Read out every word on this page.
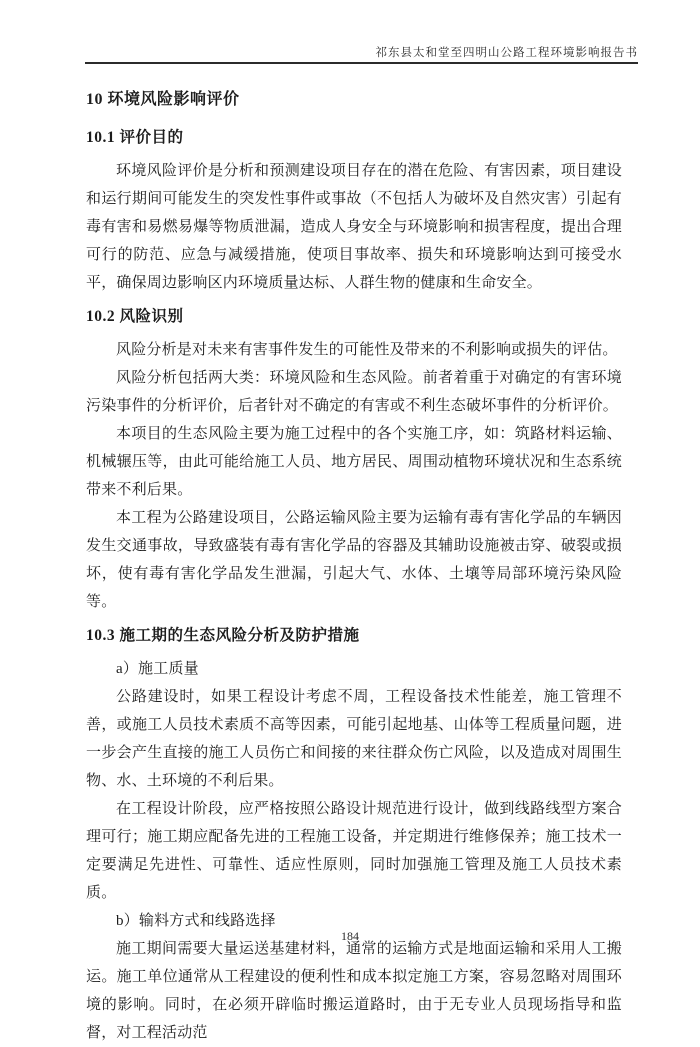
祁东县太和堂至四明山公路工程环境影响报告书
10 环境风险影响评价
10.1 评价目的

环境风险评价是分析和预测建设项目存在的潜在危险、有害因素，项目建设和运行期间可能发生的突发性事件或事故（不包括人为破坏及自然灾害）引起有毒有害和易燃易爆等物质泄漏，造成人身安全与环境影响和损害程度，提出合理可行的防范、应急与减缓措施，使项目事故率、损失和环境影响达到可接受水平，确保周边影响区内环境质量达标、人群生物的健康和生命安全。

10.2 风险识别

风险分析是对未来有害事件发生的可能性及带来的不利影响或损失的评估。

风险分析包括两大类：环境风险和生态风险。前者着重于对确定的有害环境污染事件的分析评价，后者针对不确定的有害或不利生态破坏事件的分析评价。

本项目的生态风险主要为施工过程中的各个实施工序，如：筑路材料运输、机械辗压等，由此可能给施工人员、地方居民、周围动植物环境状况和生态系统带来不利后果。

本工程为公路建设项目，公路运输风险主要为运输有毒有害化学品的车辆因发生交通事故，导致盛装有毒有害化学品的容器及其辅助设施被击穿、破裂或损坏，使有毒有害化学品发生泄漏，引起大气、水体、土壤等局部环境污染风险等。

10.3 施工期的生态风险分析及防护措施

a）施工质量

公路建设时，如果工程设计考虑不周，工程设备技术性能差，施工管理不善，或施工人员技术素质不高等因素，可能引起地基、山体等工程质量问题，进一步会产生直接的施工人员伤亡和间接的来往群众伤亡风险，以及造成对周围生物、水、土环境的不利后果。

在工程设计阶段，应严格按照公路设计规范进行设计，做到线路线型方案合理可行；施工期应配备先进的工程施工设备，并定期进行维修保养；施工技术一定要满足先进性、可靠性、适应性原则，同时加强施工管理及施工人员技术素质。

b）输料方式和线路选择

施工期间需要大量运送基建材料，通常的运输方式是地面运输和采用人工搬运。施工单位通常从工程建设的便利性和成本拟定施工方案，容易忽略对周围环境的影响。同时，在必须开辟临时搬运道路时，由于无专业人员现场指导和监督，对工程活动范

184
